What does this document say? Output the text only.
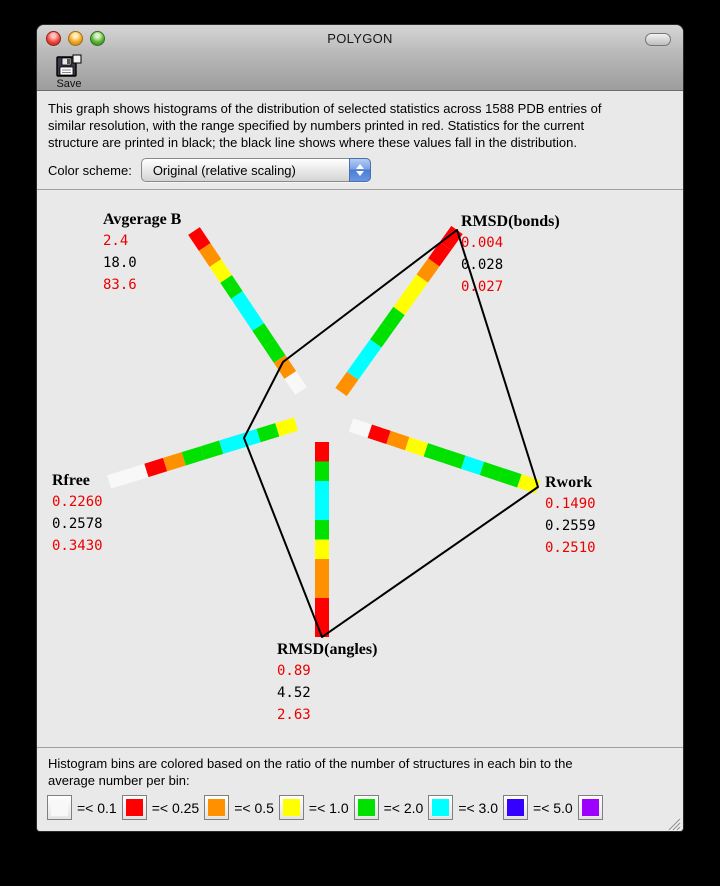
POLYGON
Save
This graph shows histograms of the distribution of selected statistics across 1588 PDB entries of
similar resolution, with the range specified by numbers printed in red. Statistics for the current
structure are printed in black; the black line shows where these values fall in the distribution.
Color scheme: Original (relative scaling)
Avgerage B
2.4
18.0
83.6
RMSD(bonds)
0.004
0.028
0.027
Rwork
0.1490
0.2559
0.2510
Rfree
0.2260
0.2578
0.3430
RMSD(angles)
0.89
4.52
2.63
Histogram bins are colored based on the ratio of the number of structures in each bin to the
average number per bin:
=< 0.1	=< 0.25	=< 0.5	=< 1.0	=< 2.0	=< 3.0	=< 5.0
